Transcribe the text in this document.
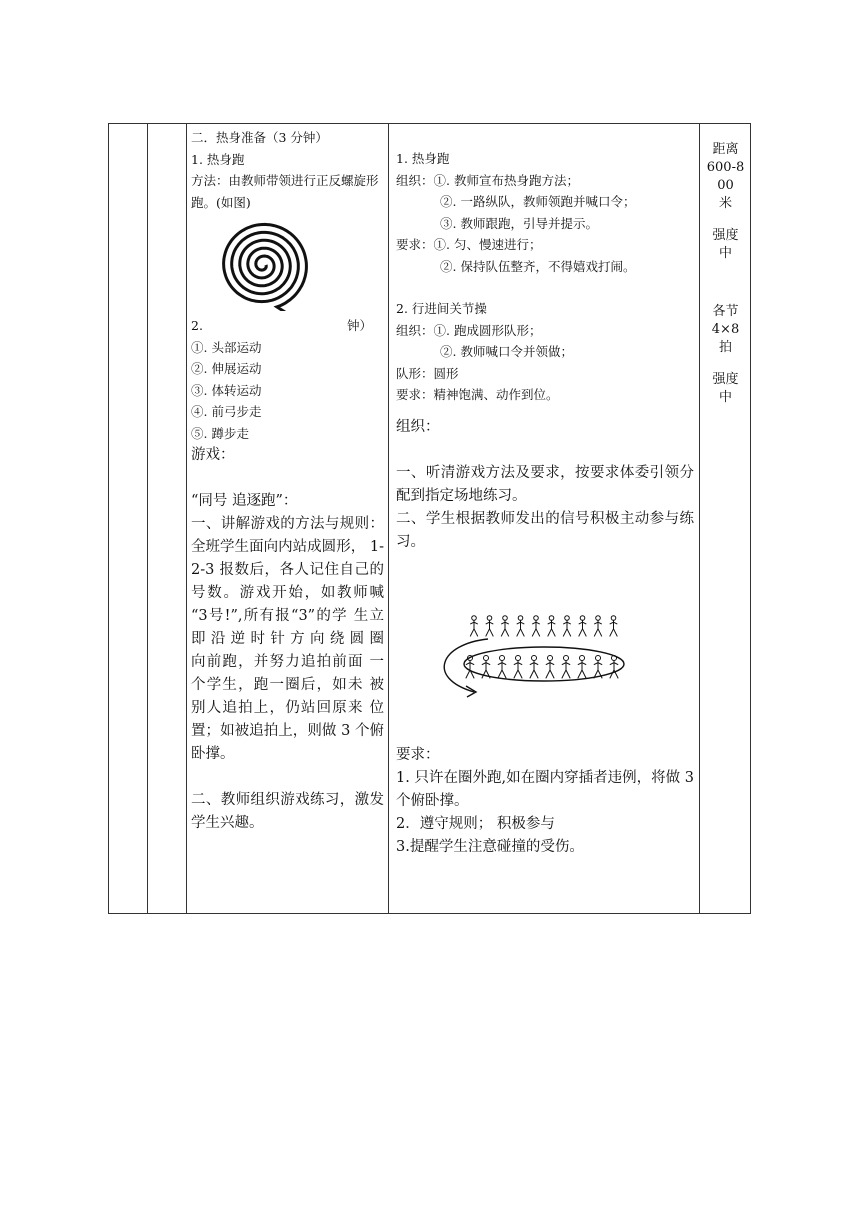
二．热身准备（3 分钟）
1. 热身跑
方法：由教师带领进行正反螺旋形跑。(如图)
2.	钟）
①. 头部运动
②. 伸展运动
③. 体转运动
④. 前弓步走
⑤. 蹲步走
游戏：
“同号 追逐跑”：
一、讲解游戏的方法与规则： 全班学生面向内站成圆形， 1-2-3 报数后，各人记住自己的号数。游戏开始，如教师喊 “3号!”,所有报“3”的学 生立 即 沿 逆 时 针 方 向 绕 圆 圈向前跑，并努力追拍前面 一个学生，跑一圈后，如未 被别人追拍上，仍站回原来 位置；如被追拍上，则做 3 个俯卧撑。
二、教师组织游戏练习，激发 学生兴趣。
1. 热身跑
组织：①. 教师宣布热身跑方法；
②. 一路纵队，教师领跑并喊口令；
③. 教师跟跑，引导并提示。
要求：①. 匀、慢速进行；
②. 保持队伍整齐，不得嬉戏打闹。
2. 行进间关节操
组织：①. 跑成圆形队形；
②. 教师喊口令并领做；
队形：圆形
要求：精神饱满、动作到位。
组织：
一、听清游戏方法及要求，按要求体委引领分配到指定场地练习。
二、学生根据教师发出的信号积极主动参与练习。
要求：
1. 只许在圈外跑,如在圈内穿插者违例，将做 3 个俯卧撑。
2．遵守规则； 积极参与
3.提醒学生注意碰撞的受伤。
距离
600-800
米
强度
中
各节
4×8
拍
强度
中
